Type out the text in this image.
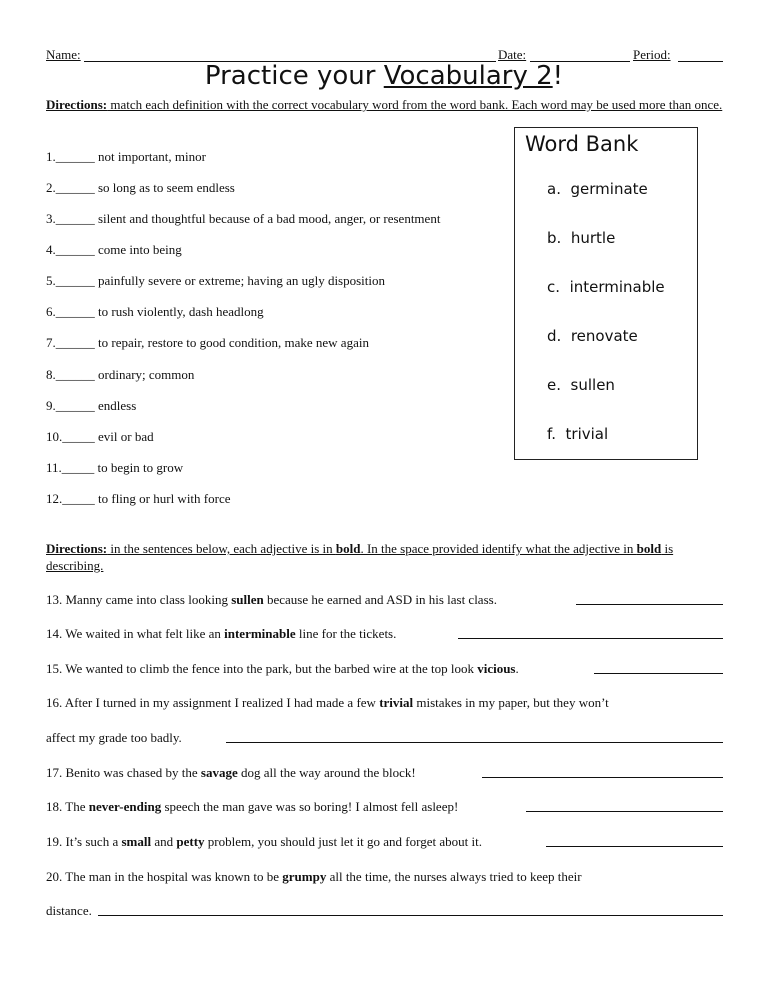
Name:	Date:	Period:
Practice your Vocabulary 2!
Directions: match each definition with the correct vocabulary word from the word bank. Each word may be used more than once.
1.______ not important, minor
2.______ so long as to seem endless
3.______ silent and thoughtful because of a bad mood, anger, or resentment
4.______ come into being
5.______ painfully severe or extreme; having an ugly disposition
6.______ to rush violently, dash headlong
7.______ to repair, restore to good condition, make new again
8.______ ordinary; common
9.______ endless
10._____ evil or bad
11._____ to begin to grow
12._____ to fling or hurl with force
Word Bank
a. germinate
b. hurtle
c. interminable
d. renovate
e. sullen
f. trivial
Directions: in the sentences below, each adjective is in bold. In the space provided identify what the adjective in bold is describing.
13. Manny came into class looking sullen because he earned and ASD in his last class.
14. We waited in what felt like an interminable line for the tickets.
15. We wanted to climb the fence into the park, but the barbed wire at the top look vicious.
16. After I turned in my assignment I realized I had made a few trivial mistakes in my paper, but they won’t
affect my grade too badly.
17. Benito was chased by the savage dog all the way around the block!
18. The never-ending speech the man gave was so boring! I almost fell asleep!
19. It’s such a small and petty problem, you should just let it go and forget about it.
20. The man in the hospital was known to be grumpy all the time, the nurses always tried to keep their
distance.
